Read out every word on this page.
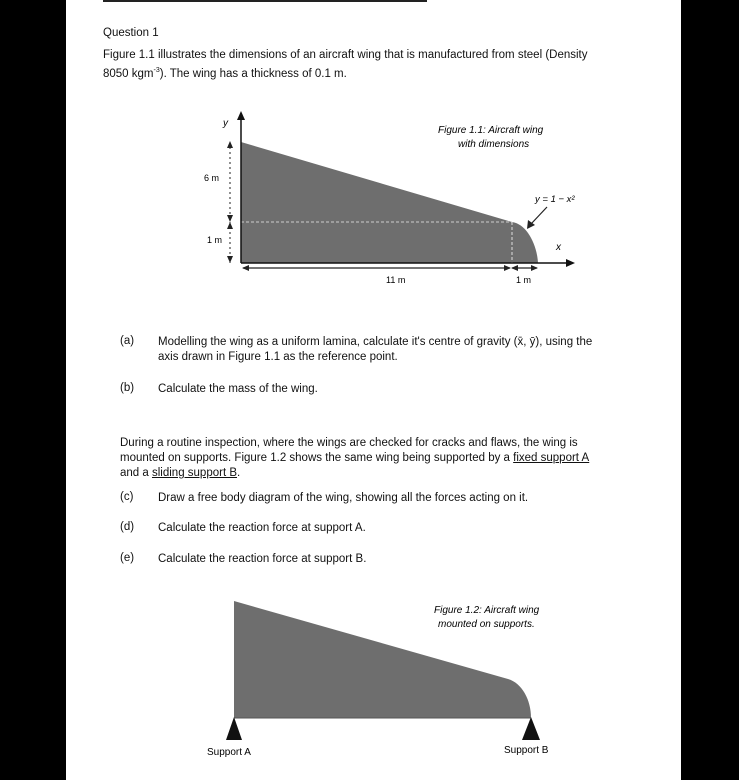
Question 1
Figure 1.1 illustrates the dimensions of an aircraft wing that is manufactured from steel (Density
8050 kgm$^{-3}$). The wing has a thickness of 0.1 m.
y
x
6 m
1 m
11 m	1 m
y = 1 − x²
Figure 1.1: Aircraft wing
with dimensions
(a) Modelling the wing as a uniform lamina, calculate it's centre of gravity (x̄, ȳ), using the
axis drawn in Figure 1.1 as the reference point.
(b) Calculate the mass of the wing.
During a routine inspection, where the wings are checked for cracks and flaws, the wing is
mounted on supports. Figure 1.2 shows the same wing being supported by a fixed support A
and a sliding support B.
(c) Draw a free body diagram of the wing, showing all the forces acting on it.
(d) Calculate the reaction force at support A.
(e) Calculate the reaction force at support B.
Support A	Support B
Figure 1.2: Aircraft wing
mounted on supports.
